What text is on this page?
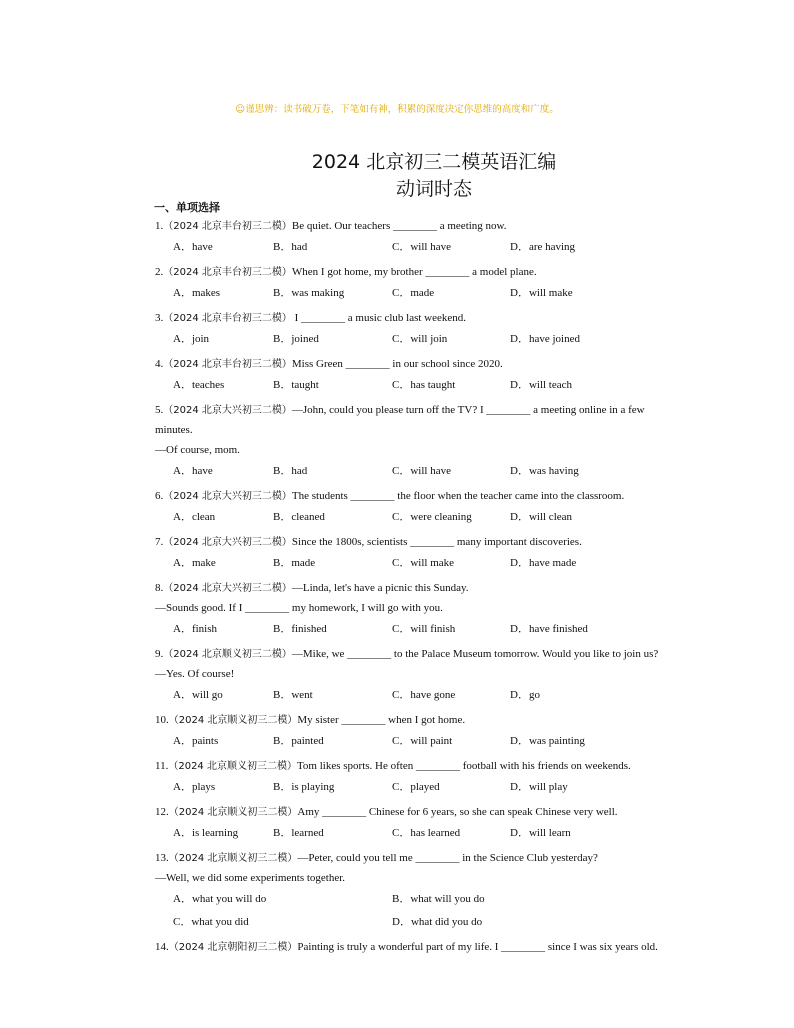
☺谨思辨：读书破万卷，下笔如有神，积累的深度决定你思维的高度和广度。
2024 北京初三二模英语汇编
动词时态
一、单项选择
1.（2024 北京丰台初三二模）Be quiet. Our teachers ________ a meeting now.
A．have	B．had	C．will have	D．are having
2.（2024 北京丰台初三二模）When I got home, my brother ________ a model plane.
A．makes	B．was making	C．made	D．will make
3.（2024 北京丰台初三二模） I ________ a music club last weekend.
A．join	B．joined	C．will join	D．have joined
4.（2024 北京丰台初三二模）Miss Green ________ in our school since 2020.
A．teaches	B．taught	C．has taught	D．will teach
5.（2024 北京大兴初三二模）—John, could you please turn off the TV? I ________ a meeting online in a few
minutes.
—Of course, mom.
A．have	B．had	C．will have	D．was having
6.（2024 北京大兴初三二模）The students ________ the floor when the teacher came into the classroom.
A．clean	B．cleaned	C．were cleaning	D．will clean
7.（2024 北京大兴初三二模）Since the 1800s, scientists ________ many important discoveries.
A．make	B．made	C．will make	D．have made
8.（2024 北京大兴初三二模）—Linda, let's have a picnic this Sunday.
—Sounds good. If I ________ my homework, I will go with you.
A．finish	B．finished	C．will finish	D．have finished
9.（2024 北京顺义初三二模）—Mike, we ________ to the Palace Museum tomorrow. Would you like to join us?
—Yes. Of course!
A．will go	B．went	C．have gone	D．go
10.（2024 北京顺义初三二模）My sister ________ when I got home.
A．paints	B．painted	C．will paint	D．was painting
11.（2024 北京顺义初三二模）Tom likes sports. He often ________ football with his friends on weekends.
A．plays	B．is playing	C．played	D．will play
12.（2024 北京顺义初三二模）Amy ________ Chinese for 6 years, so she can speak Chinese very well.
A．is learning	B．learned	C．has learned	D．will learn
13.（2024 北京顺义初三二模）—Peter, could you tell me ________ in the Science Club yesterday?
—Well, we did some experiments together.
A．what you will do	B．what will you do
C．what you did	D．what did you do
14.（2024 北京朝阳初三二模）Painting is truly a wonderful part of my life. I ________ since I was six years old.
